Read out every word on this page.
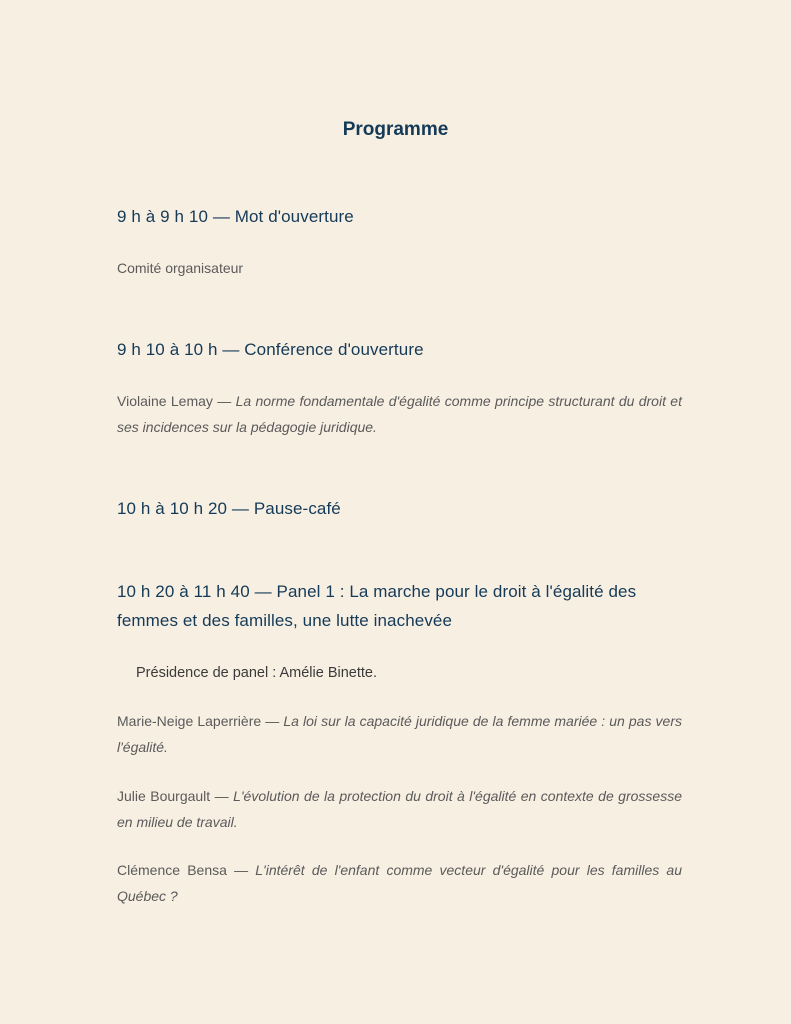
Programme
9 h à 9 h 10 — Mot d'ouverture

Comité organisateur

9 h 10 à 10 h — Conférence d'ouverture

Violaine Lemay — La norme fondamentale d'égalité comme principe structurant du droit et ses incidences sur la pédagogie juridique.

10 h à 10 h 20 — Pause-café
10 h 20 à 11 h 40 — Panel 1 : La marche pour le droit à l'égalité des femmes et des familles, une lutte inachevée

Présidence de panel : Amélie Binette.

Marie-Neige Laperrière — La loi sur la capacité juridique de la femme mariée : un pas vers l'égalité.

Julie Bourgault — L'évolution de la protection du droit à l'égalité en contexte de grossesse en milieu de travail.

Clémence Bensa — L'intérêt de l'enfant comme vecteur d'égalité pour les familles au Québec ?
